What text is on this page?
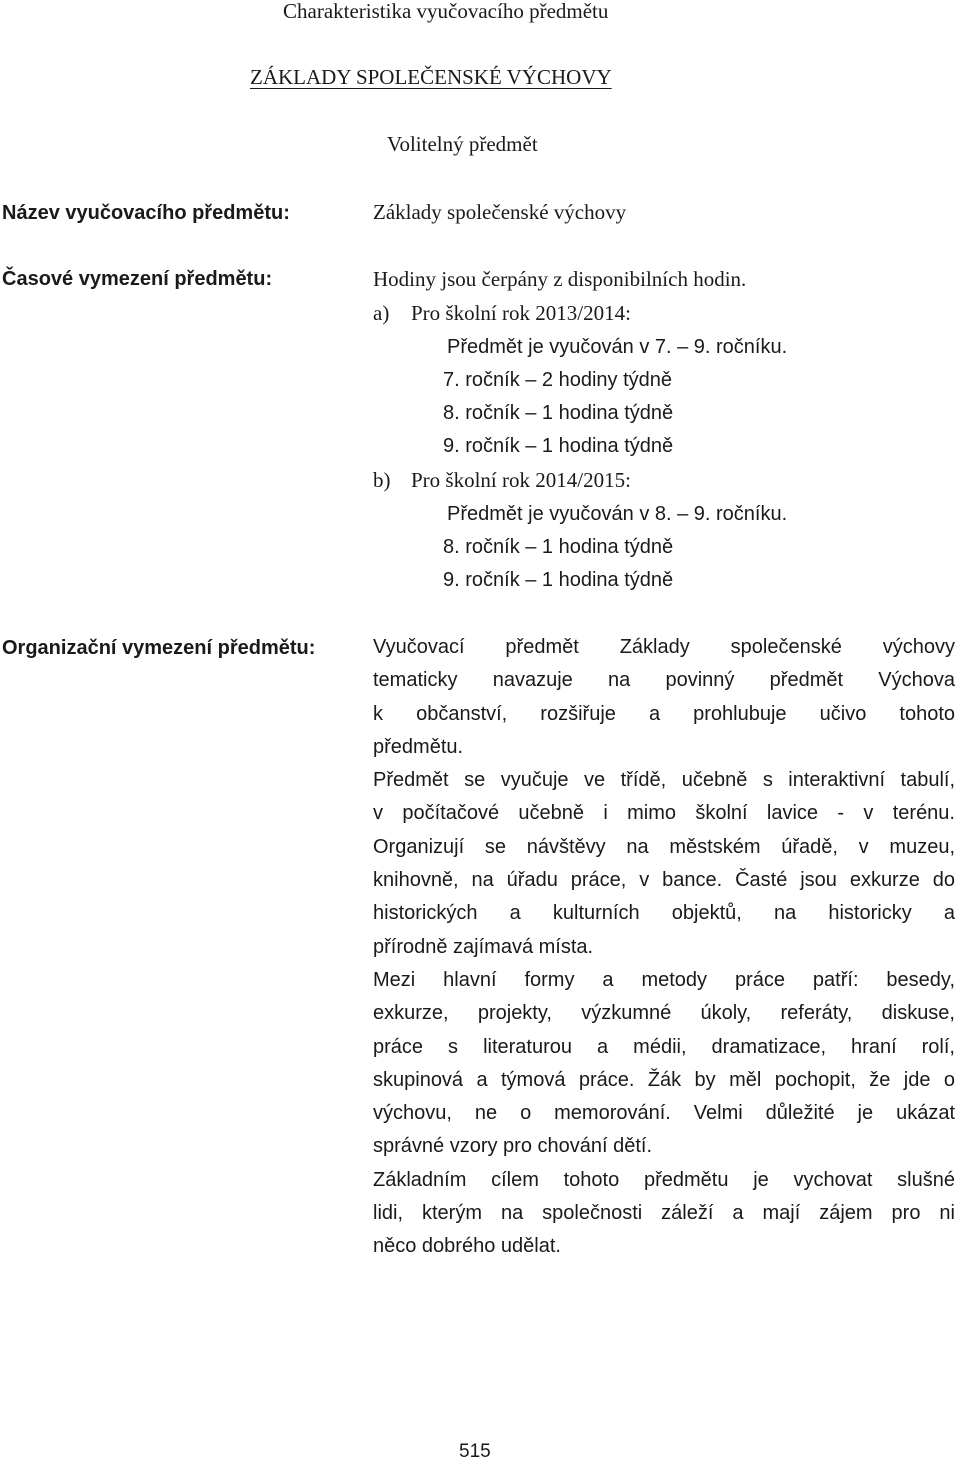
Charakteristika vyučovacího předmětu
ZÁKLADY SPOLEČENSKÉ VÝCHOVY
Volitelný předmět
Název vyučovacího předmětu:	Základy společenské výchovy
Časové vymezení předmětu:	Hodiny jsou čerpány z disponibilních hodin.
a) Pro školní rok 2013/2014:
Předmět je vyučován v 7. – 9. ročníku.
7. ročník – 2 hodiny týdně
8. ročník – 1 hodina týdně
9. ročník – 1 hodina týdně
b) Pro školní rok 2014/2015:
Předmět je vyučován v 8. – 9. ročníku.
8. ročník – 1 hodina týdně
9. ročník – 1 hodina týdně
Organizační vymezení předmětu:	Vyučovací předmět Základy společenské výchovy
tematicky navazuje na povinný předmět Výchova
k občanství, rozšiřuje a prohlubuje učivo tohoto
předmětu.
Předmět se vyučuje ve třídě, učebně s interaktivní tabulí,
v počítačové učebně i mimo školní lavice - v terénu.
Organizují se návštěvy na městském úřadě, v muzeu,
knihovně, na úřadu práce, v bance. Časté jsou exkurze do
historických a kulturních objektů, na historicky a
přírodně zajímavá místa.
Mezi hlavní formy a metody práce patří: besedy,
exkurze, projekty, výzkumné úkoly, referáty, diskuse,
práce s literaturou a médii, dramatizace, hraní rolí,
skupinová a týmová práce. Žák by měl pochopit, že jde o
výchovu, ne o memorování. Velmi důležité je ukázat
správné vzory pro chování dětí.
Základním cílem tohoto předmětu je vychovat slušné
lidi, kterým na společnosti záleží a mají zájem pro ni
něco dobrého udělat.
515
